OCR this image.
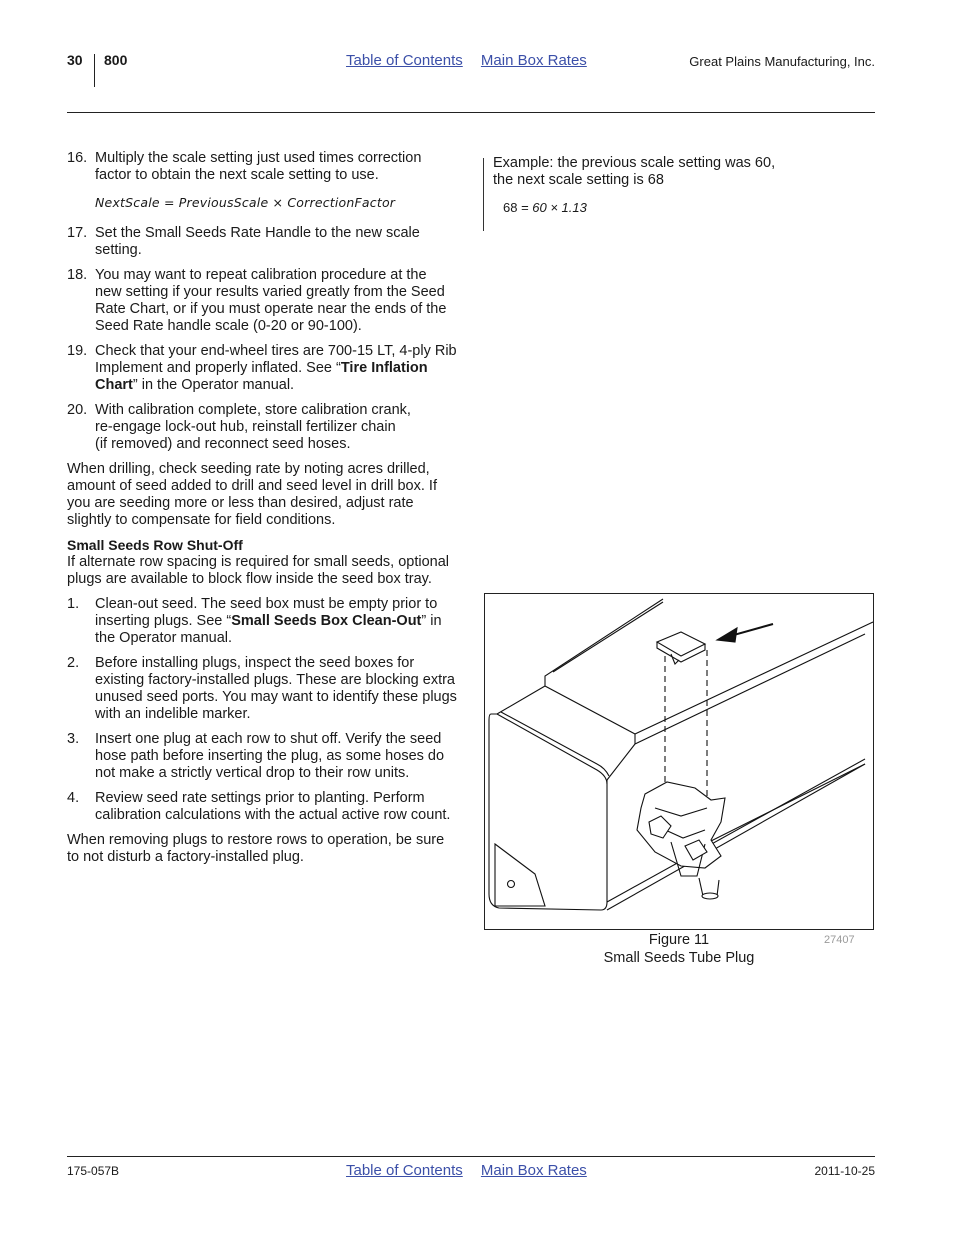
30 800	Table of Contents Main Box Rates	Great Plains Manufacturing, Inc.
16. Multiply the scale setting just used times correction factor to obtain the next scale setting to use.
NextScale = PreviousScale × CorrectionFactor
17. Set the Small Seeds Rate Handle to the new scale setting.
18. You may want to repeat calibration procedure at the new setting if your results varied greatly from the Seed Rate Chart, or if you must operate near the ends of the Seed Rate handle scale (0-20 or 90-100).
19. Check that your end-wheel tires are 700-15 LT, 4-ply Rib Implement and properly inflated. See “Tire Inflation Chart” in the Operator manual.
20. With calibration complete, store calibration crank,
re-engage lock-out hub, reinstall fertilizer chain
(if removed) and reconnect seed hoses.
When drilling, check seeding rate by noting acres drilled, amount of seed added to drill and seed level in drill box. If you are seeding more or less than desired, adjust rate slightly to compensate for field conditions.
Small Seeds Row Shut-Off
If alternate row spacing is required for small seeds, optional plugs are available to block flow inside the seed box tray.
1. Clean-out seed. The seed box must be empty prior to inserting plugs. See “Small Seeds Box Clean-Out” in the Operator manual.
2. Before installing plugs, inspect the seed boxes for existing factory-installed plugs. These are blocking extra unused seed ports. You may want to identify these plugs with an indelible marker.
3. Insert one plug at each row to shut off. Verify the seed hose path before inserting the plug, as some hoses do not make a strictly vertical drop to their row units.
4. Review seed rate settings prior to planting. Perform calibration calculations with the actual active row count.
When removing plugs to restore rows to operation, be sure to not disturb a factory-installed plug.
Example: the previous scale setting was 60,
the next scale setting is 68
68 = 60 × 1.13
Figure 11
Small Seeds Tube Plug
27407
175-057B	Table of Contents Main Box Rates	2011-10-25
